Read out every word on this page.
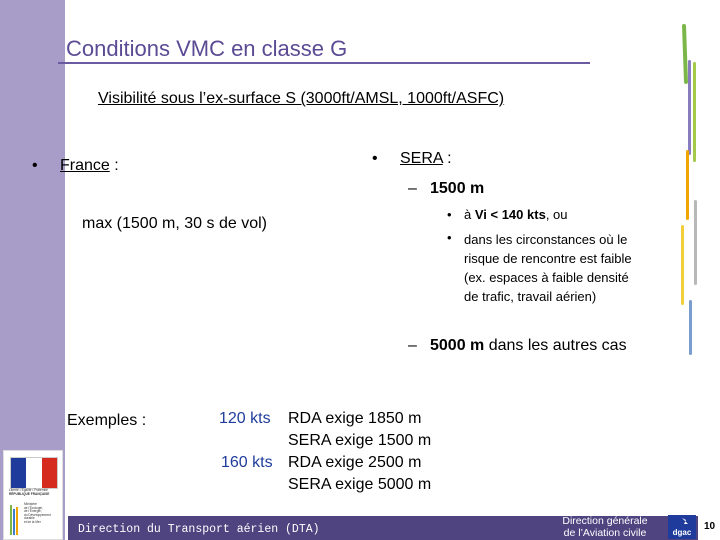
Liberté • Égalité • Fraternité
RÉPUBLIQUE FRANÇAISE
Ministère
de l’Écologie,
de l’Énergie,
du Développement
durable
et de la Mer
Conditions VMC en classe G
Visibilité sous l’ex-surface S (3000ft/AMSL, 1000ft/ASFC)
• France :
max (1500 m, 30 s de vol)
• SERA :
– 1500 m
• à Vi < 140 kts, ou
• dans les circonstances où le
risque de rencontre est faible
(ex. espaces à faible densité
de trafic, travail aérien)
– 5000 m dans les autres cas
Exemples :	120 kts RDA exige 1850 m
SERA exige 1500 m
160 kts RDA exige 2500 m
SERA exige 5000 m
Direction du Transport aérien (DTA)
Direction générale
de l’Aviation civile	dgac
10
